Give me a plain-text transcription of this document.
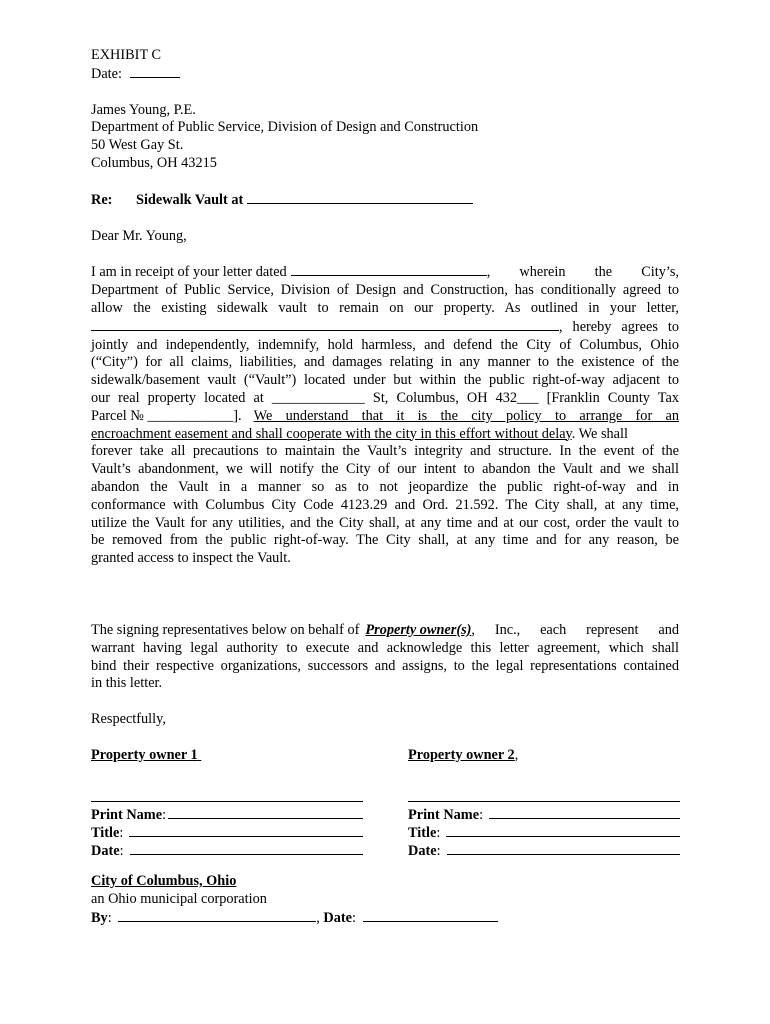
EXHIBIT C
Date:
James Young, P.E.
Department of Public Service, Division of Design and Construction
50 West Gay St.
Columbus, OH 43215
Re:	Sidewalk Vault at
Dear Mr. Young,
I am in receipt of your letter dated	, wherein the City’s,
Department of Public Service, Division of Design and Construction, has conditionally agreed to
allow the existing sidewalk vault to remain on our property. As outlined in your letter,
, hereby agrees to
jointly and independently, indemnify, hold harmless, and defend the City of Columbus, Ohio
(“City”) for all claims, liabilities, and damages relating in any manner to the existence of the
sidewalk/basement vault (“Vault”) located under but within the public right-of-way adjacent to
our real property located at _____________ St, Columbus, OH 432___ [Franklin County Tax
Parcel № ____________]. We understand that it is the city policy to arrange for an
encroachment easement and shall cooperate with the city in this effort without delay. We shall
forever take all precautions to maintain the Vault’s integrity and structure. In the event of the
Vault’s abandonment, we will notify the City of our intent to abandon the Vault and we shall
abandon the Vault in a manner so as to not jeopardize the public right-of-way and in
conformance with Columbus City Code 4123.29 and Ord. 21.592. The City shall, at any time,
utilize the Vault for any utilities, and the City shall, at any time and at our cost, order the vault to
be removed from the public right-of-way. The City shall, at any time and for any reason, be
granted access to inspect the Vault.
The signing representatives below on behalf of Property owner(s) , Inc., each represent and
warrant having legal authority to execute and acknowledge this letter agreement, which shall
bind their respective organizations, successors and assigns, to the legal representations contained
in this letter.
Respectfully,
Property owner 1
Print Name :
Title :
Date :
Property owner 2,
Print Name :
Title :
Date :
City of Columbus, Ohio
an Ohio municipal corporation
By:	, Date:
